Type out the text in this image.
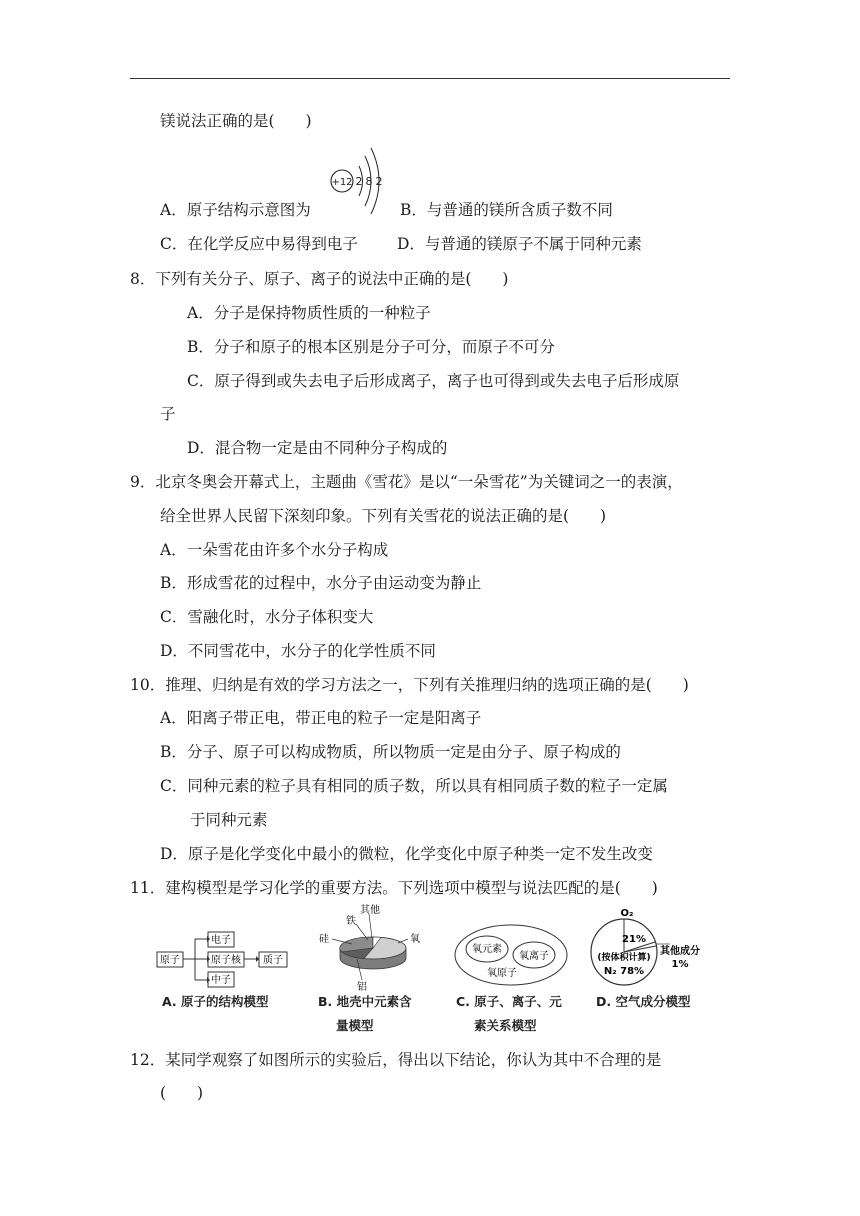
镁说法正确的是(　　)
A．原子结构示意图为
+12 2 8 2
B．与普通的镁所含质子数不同
C．在化学反应中易得到电子	D．与普通的镁原子不属于同种元素
8．下列有关分子、原子、离子的说法中正确的是(　　)
A．分子是保持物质性质的一种粒子
B．分子和原子的根本区别是分子可分，而原子不可分
C．原子得到或失去电子后形成离子，离子也可得到或失去电子后形成原
子
D．混合物一定是由不同种分子构成的
9．北京冬奥会开幕式上，主题曲《雪花》是以“一朵雪花”为关键词之一的表演，
给全世界人民留下深刻印象。下列有关雪花的说法正确的是(　　)
A．一朵雪花由许多个水分子构成
B．形成雪花的过程中，水分子由运动变为静止
C．雪融化时，水分子体积变大
D．不同雪花中，水分子的化学性质不同
10．推理、归纳是有效的学习方法之一，下列有关推理归纳的选项正确的是(　　)
A．阳离子带正电，带正电的粒子一定是阳离子
B．分子、原子可以构成物质，所以物质一定是由分子、原子构成的
C．同种元素的粒子具有相同的质子数，所以具有相同质子数的粒子一定属
于同种元素
D．原子是化学变化中最小的微粒，化学变化中原子种类一定不发生改变
11．建构模型是学习化学的重要方法。下列选项中模型与说法匹配的是(　　)
原子
电子
原子核
中子
质子
A. 原子的结构模型
铁
其他
硅	氧
铝
B. 地壳中元素含
量模型
氧元素
氧离子
氧原子
C. 原子、离子、元
素关系模型
O₂
21%
其他成分
1%
(按体积计算)
N₂ 78%
D. 空气成分模型
12．某同学观察了如图所示的实验后，得出以下结论，你认为其中不合理的是
(　　)
